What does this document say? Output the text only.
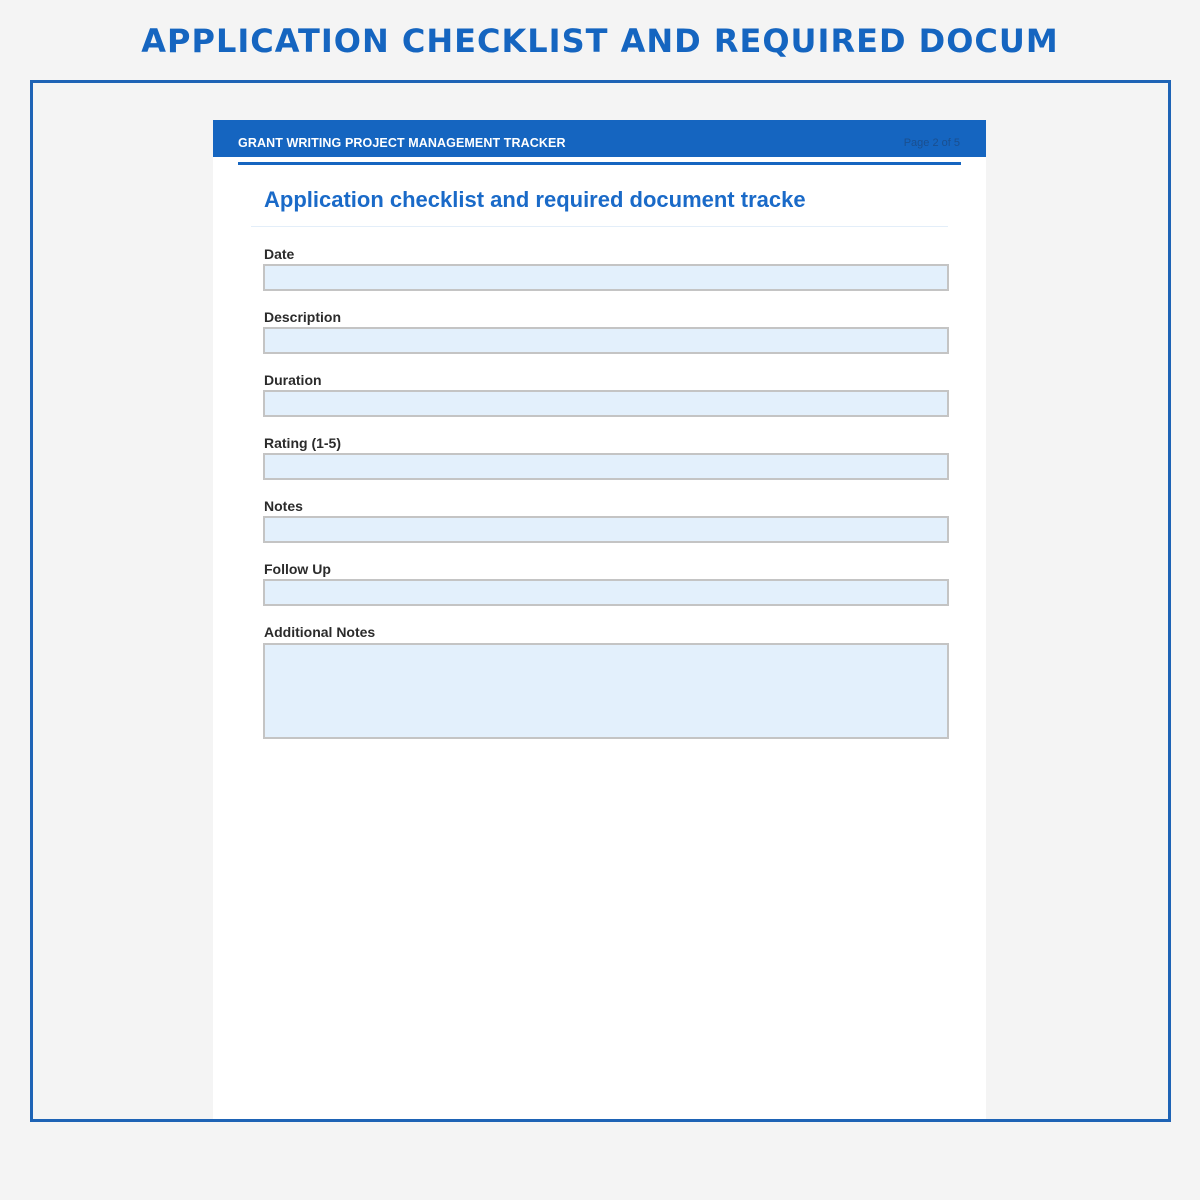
APPLICATION CHECKLIST AND REQUIRED DOCUM
GRANT WRITING PROJECT MANAGEMENT TRACKER	Page 2 of 5
Application checklist and required document tracke
Date
Description
Duration
Rating (1-5)
Notes
Follow Up
Additional Notes
